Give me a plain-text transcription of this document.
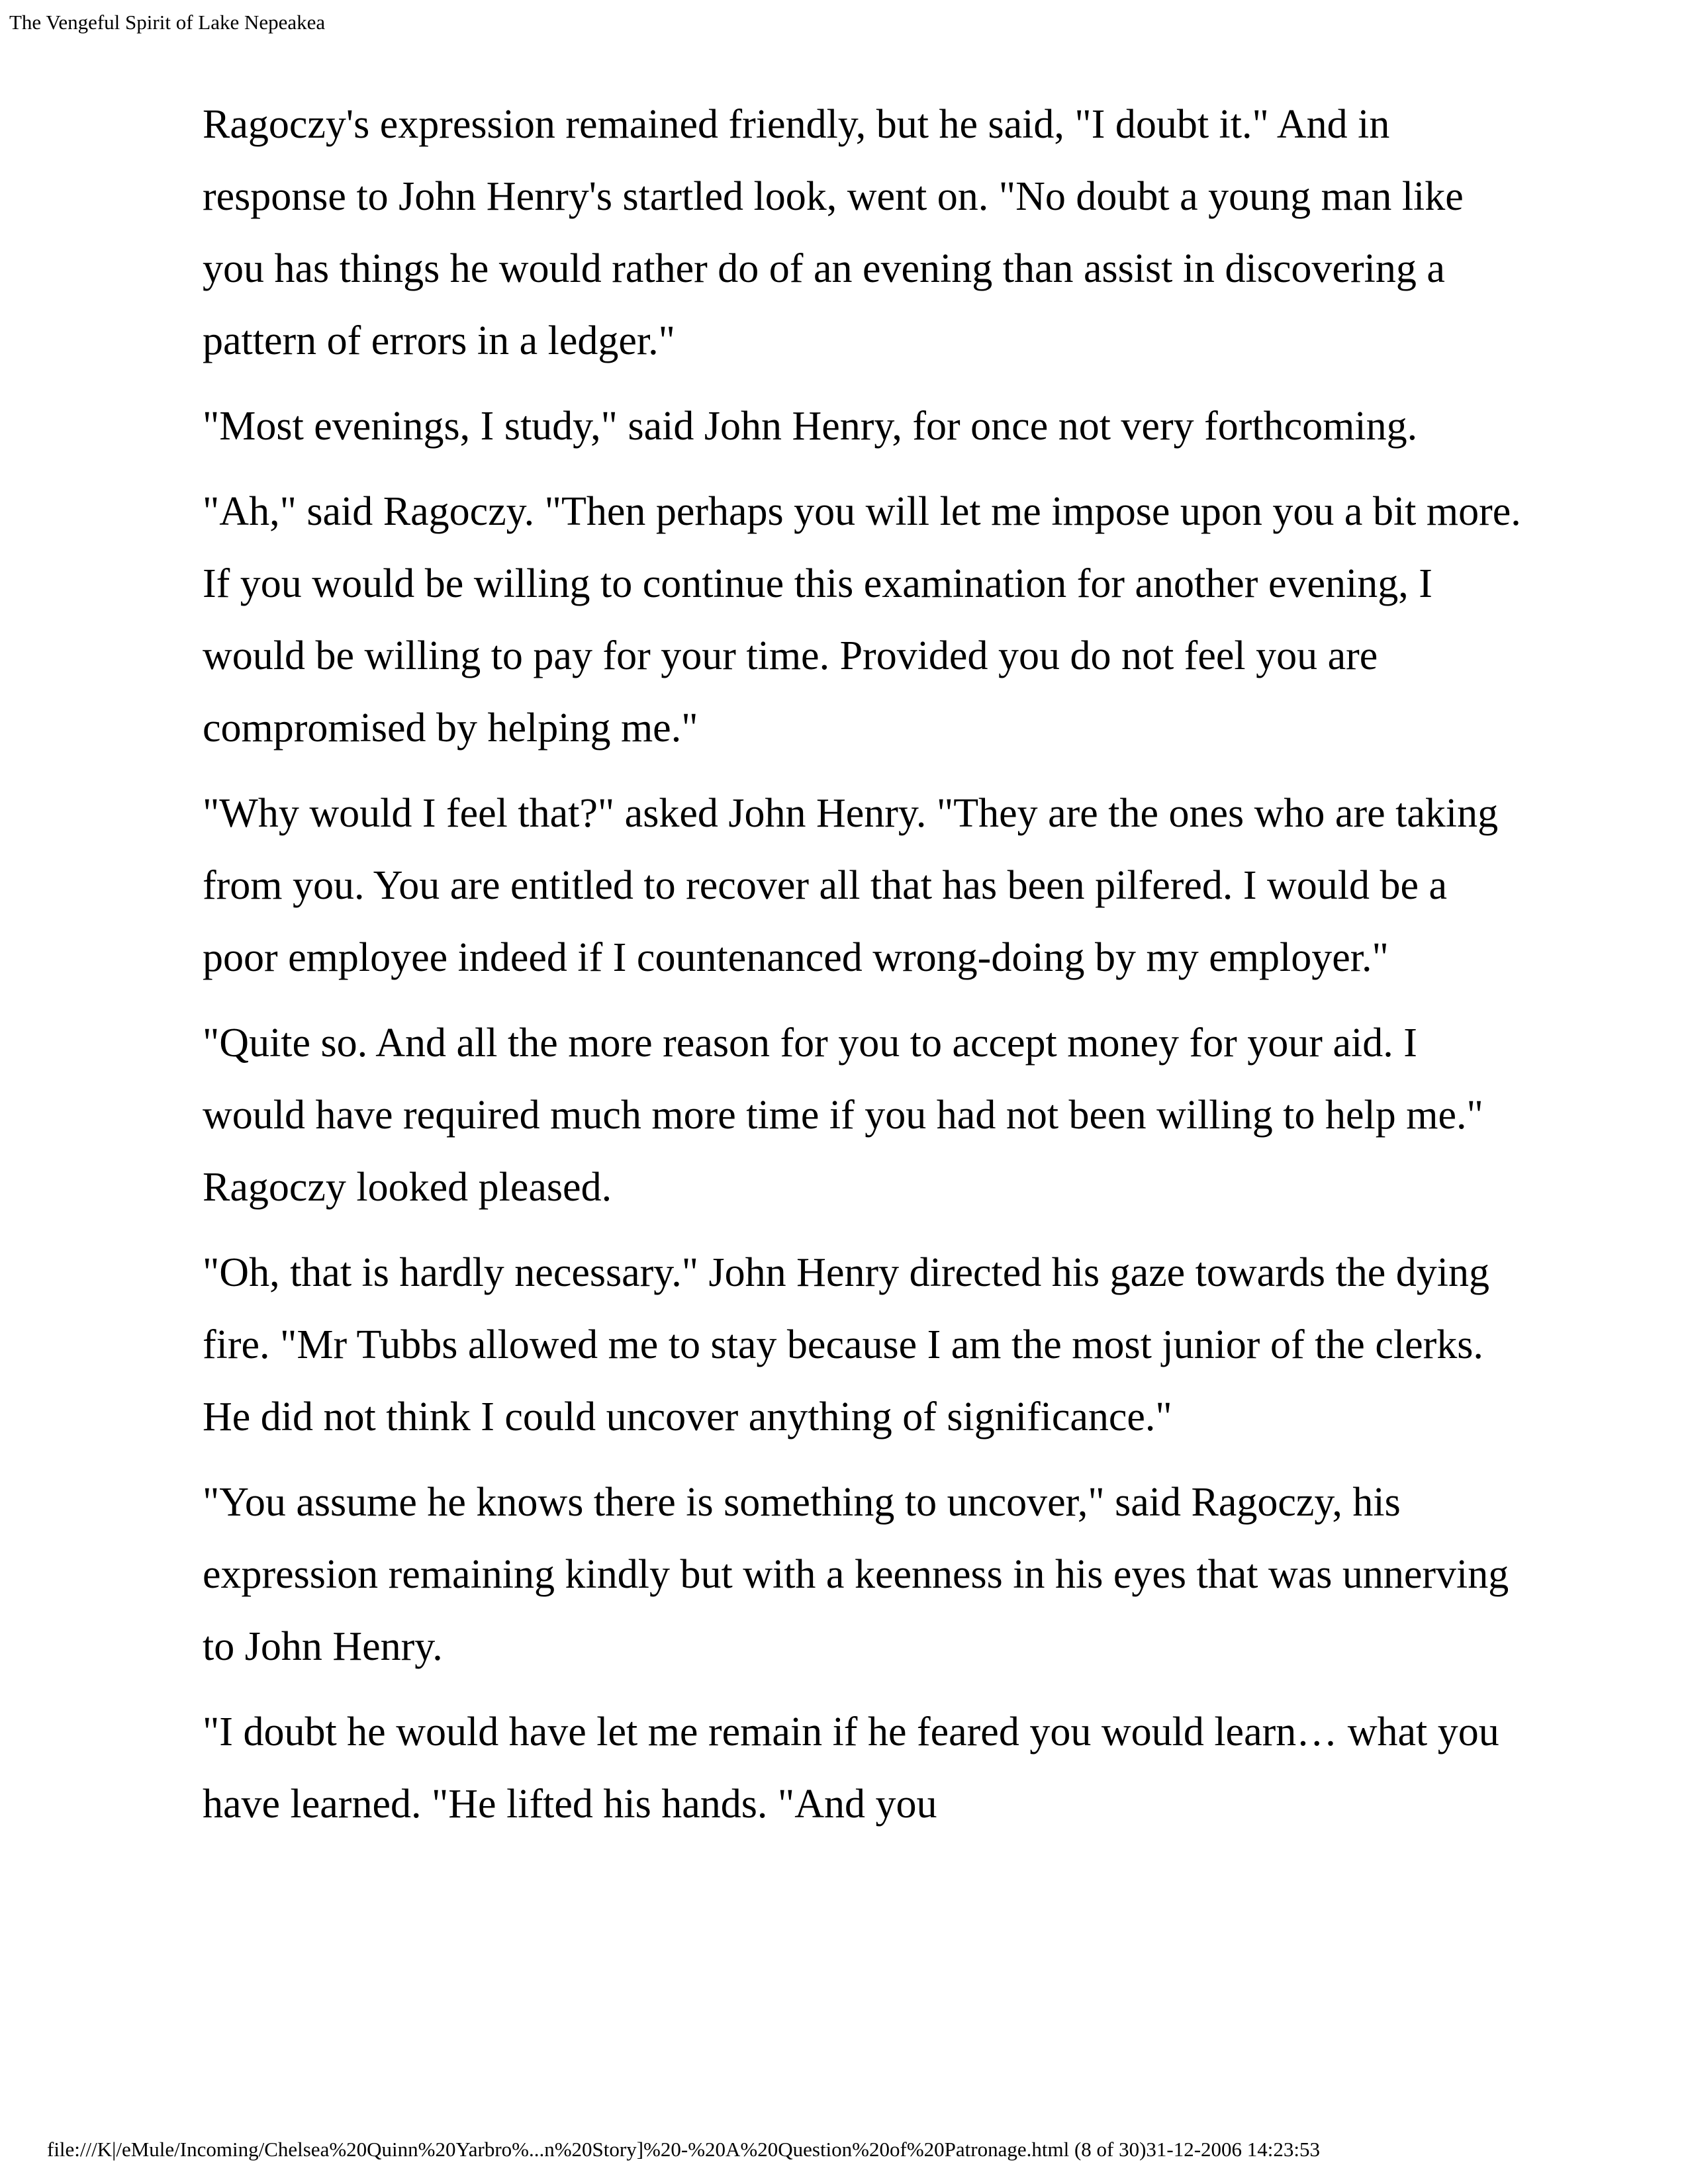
The Vengeful Spirit of Lake Nepeakea

Ragoczy's expression remained friendly, but he said, "I doubt it." And in response to John Henry's startled look, went on. "No doubt a young man like you has things he would rather do of an evening than assist in discovering a pattern of errors in a ledger."

"Most evenings, I study," said John Henry, for once not very forthcoming.

"Ah," said Ragoczy. "Then perhaps you will let me impose upon you a bit more. If you would be willing to continue this examination for another evening, I would be willing to pay for your time. Provided you do not feel you are compromised by helping me."

"Why would I feel that?" asked John Henry. "They are the ones who are taking from you. You are entitled to recover all that has been pilfered. I would be a poor employee indeed if I countenanced wrong-doing by my employer."

"Quite so. And all the more reason for you to accept money for your aid. I would have required much more time if you had not been willing to help me." Ragoczy looked pleased.

"Oh, that is hardly necessary." John Henry directed his gaze towards the dying fire. "Mr Tubbs allowed me to stay because I am the most junior of the clerks. He did not think I could uncover anything of significance."

"You assume he knows there is something to uncover," said Ragoczy, his expression remaining kindly but with a keenness in his eyes that was unnerving to John Henry.

"I doubt he would have let me remain if he feared you would learn… what you have learned. "He lifted his hands. "And you

file:///K|/eMule/Incoming/Chelsea%20Quinn%20Yarbro%...n%20Story]%20-%20A%20Question%20of%20Patronage.html (8 of 30)31-12-2006 14:23:53
